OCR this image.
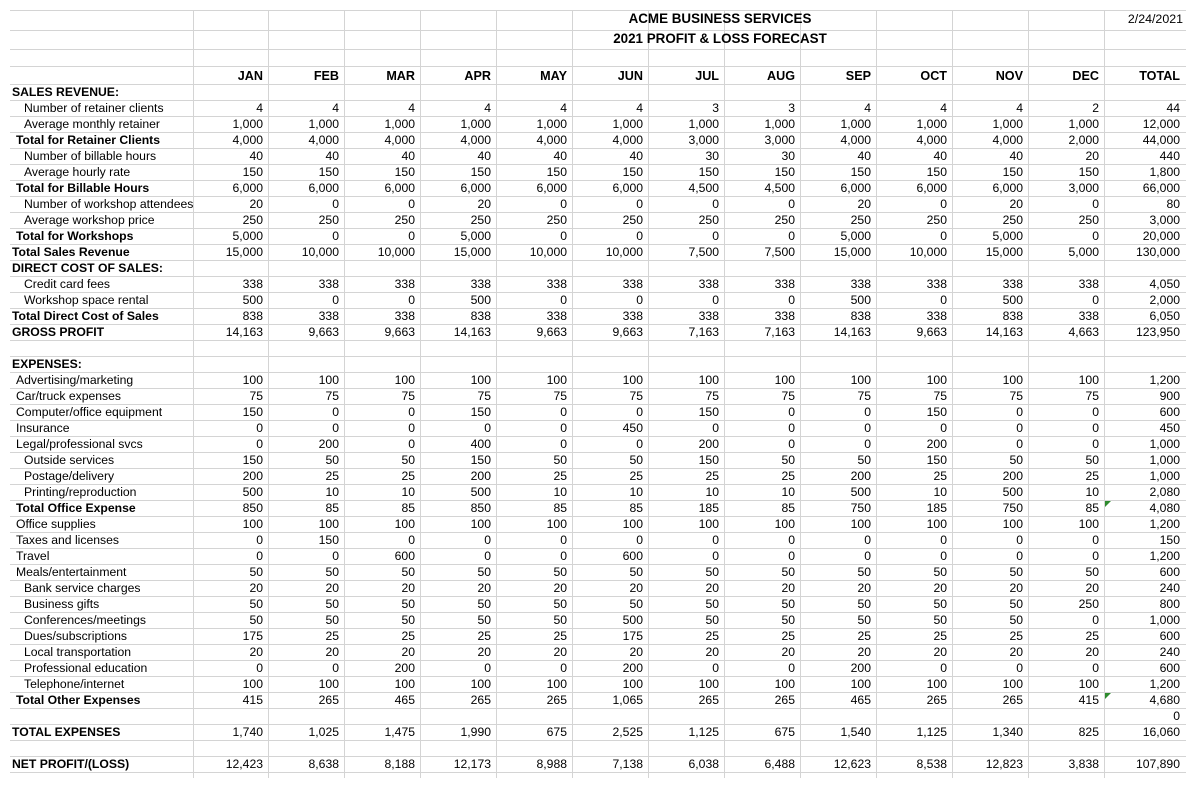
ACME BUSINESS SERVICES
2021 PROFIT & LOSS FORECAST
2/24/2021
JAN	FEB	MAR	APR	MAY	JUN	JUL	AUG	SEP	OCT	NOV	DEC	TOTAL
SALES REVENUE:
Number of retainer clients	4	4	4	4	4	4	3	3	4	4	4	2	44
Average monthly retainer	1,000	1,000	1,000	1,000	1,000	1,000	1,000	1,000	1,000	1,000	1,000	1,000	12,000
Total for Retainer Clients	4,000	4,000	4,000	4,000	4,000	4,000	3,000	3,000	4,000	4,000	4,000	2,000	44,000
Number of billable hours	40	40	40	40	40	40	30	30	40	40	40	20	440
Average hourly rate	150	150	150	150	150	150	150	150	150	150	150	150	1,800
Total for Billable Hours	6,000	6,000	6,000	6,000	6,000	6,000	4,500	4,500	6,000	6,000	6,000	3,000	66,000
Number of workshop attendees	20	0	0	20	0	0	0	0	20	0	20	0	80
Average workshop price	250	250	250	250	250	250	250	250	250	250	250	250	3,000
Total for Workshops	5,000	0	0	5,000	0	0	0	0	5,000	0	5,000	0	20,000
Total Sales Revenue	15,000	10,000	10,000	15,000	10,000	10,000	7,500	7,500	15,000	10,000	15,000	5,000	130,000
DIRECT COST OF SALES:
Credit card fees	338	338	338	338	338	338	338	338	338	338	338	338	4,050
Workshop space rental	500	0	0	500	0	0	0	0	500	0	500	0	2,000
Total Direct Cost of Sales	838	338	338	838	338	338	338	338	838	338	838	338	6,050
GROSS PROFIT	14,163	9,663	9,663	14,163	9,663	9,663	7,163	7,163	14,163	9,663	14,163	4,663	123,950
EXPENSES:
Advertising/marketing	100	100	100	100	100	100	100	100	100	100	100	100	1,200
Car/truck expenses	75	75	75	75	75	75	75	75	75	75	75	75	900
Computer/office equipment	150	0	0	150	0	0	150	0	0	150	0	0	600
Insurance	0	0	0	0	0	450	0	0	0	0	0	0	450
Legal/professional svcs	0	200	0	400	0	0	200	0	0	200	0	0	1,000
Outside services	150	50	50	150	50	50	150	50	50	150	50	50	1,000
Postage/delivery	200	25	25	200	25	25	25	25	200	25	200	25	1,000
Printing/reproduction	500	10	10	500	10	10	10	10	500	10	500	10	2,080
Total Office Expense	850	85	85	850	85	85	185	85	750	185	750	85	4,080
Office supplies	100	100	100	100	100	100	100	100	100	100	100	100	1,200
Taxes and licenses	0	150	0	0	0	0	0	0	0	0	0	0	150
Travel	0	0	600	0	0	600	0	0	0	0	0	0	1,200
Meals/entertainment	50	50	50	50	50	50	50	50	50	50	50	50	600
Bank service charges	20	20	20	20	20	20	20	20	20	20	20	20	240
Business gifts	50	50	50	50	50	50	50	50	50	50	50	250	800
Conferences/meetings	50	50	50	50	50	500	50	50	50	50	50	0	1,000
Dues/subscriptions	175	25	25	25	25	175	25	25	25	25	25	25	600
Local transportation	20	20	20	20	20	20	20	20	20	20	20	20	240
Professional education	0	0	200	0	0	200	0	0	200	0	0	0	600
Telephone/internet	100	100	100	100	100	100	100	100	100	100	100	100	1,200
Total Other Expenses	415	265	465	265	265	1,065	265	265	465	265	265	415	4,680
0
TOTAL EXPENSES	1,740	1,025	1,475	1,990	675	2,525	1,125	675	1,540	1,125	1,340	825	16,060
NET PROFIT/(LOSS)	12,423	8,638	8,188	12,173	8,988	7,138	6,038	6,488	12,623	8,538	12,823	3,838	107,890
